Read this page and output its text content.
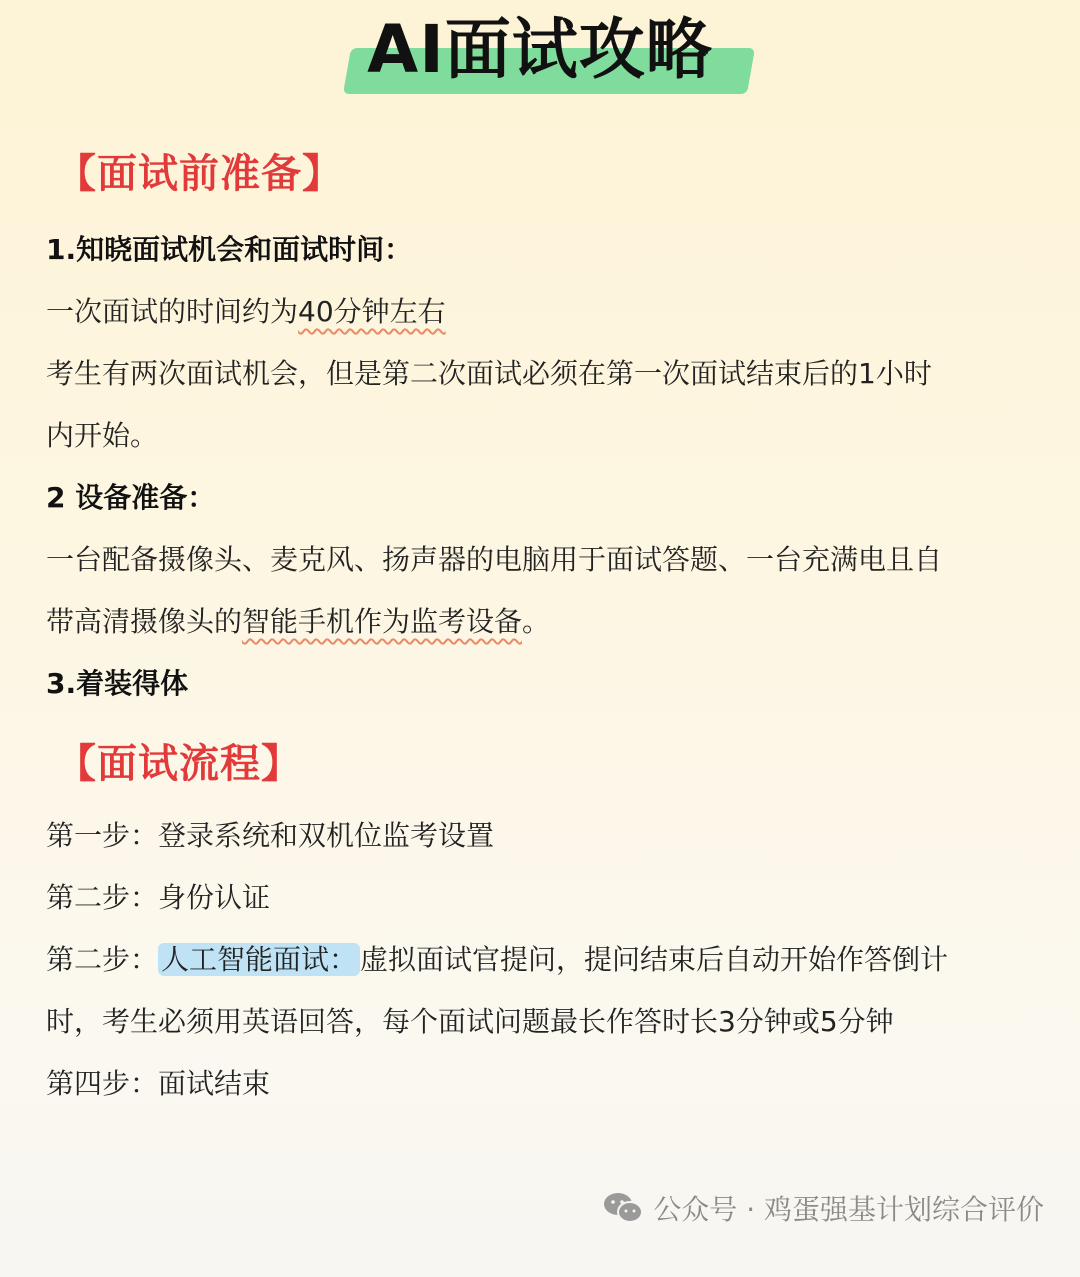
AI面试攻略
【面试前准备】
1.知晓面试机会和面试时间：
一次面试的时间约为40分钟左右
考生有两次面试机会，但是第二次面试必须在第一次面试结束后的1小时
内开始。
2 设备准备：
一台配备摄像头、麦克风、扬声器的电脑用于面试答题、一台充满电且自
带高清摄像头的智能手机作为监考设备。
3.着装得体
【面试流程】
第一步：登录系统和双机位监考设置
第二步：身份认证
第二步： 人工智能面试： 虚拟面试官提问，提问结束后自动开始作答倒计
时，考生必须用英语回答，每个面试问题最长作答时长3分钟或5分钟
第四步：面试结束
公众号 · 鸡蛋强基计划综合评价
